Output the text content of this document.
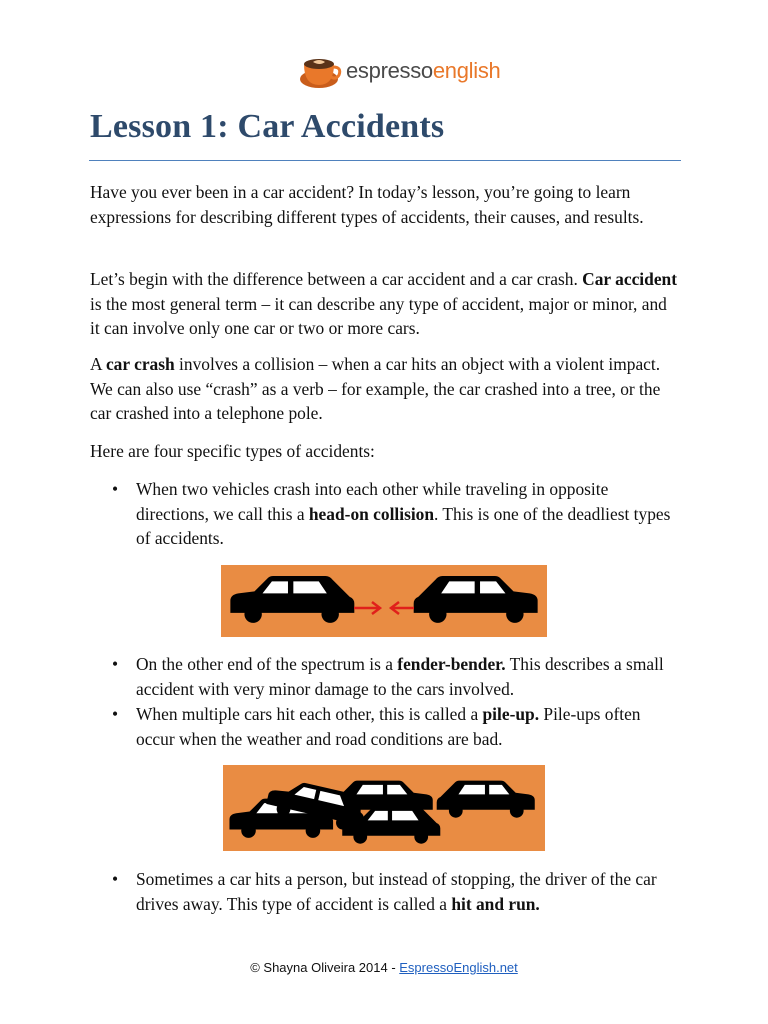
espressoenglish
Lesson 1: Car Accidents

Have you ever been in a car accident? In today’s lesson, you’re going to learn expressions for describing different types of accidents, their causes, and results.

Let’s begin with the difference between a car accident and a car crash. Car accident is the most general term – it can describe any type of accident, major or minor, and it can involve only one car or two or more cars.

A car crash involves a collision – when a car hits an object with a violent impact. We can also use “crash” as a verb – for example, the car crashed into a tree, or the car crashed into a telephone pole.

Here are four specific types of accidents:

•	When two vehicles crash into each other while traveling in opposite directions, we call this a head-on collision. This is one of the deadliest types of accidents.
•	On the other end of the spectrum is a fender-bender. This describes a small accident with very minor damage to the cars involved.
•	When multiple cars hit each other, this is called a pile-up. Pile-ups often occur when the weather and road conditions are bad.
•	Sometimes a car hits a person, but instead of stopping, the driver of the car drives away. This type of accident is called a hit and run.
© Shayna Oliveira 2014 - EspressoEnglish.net
